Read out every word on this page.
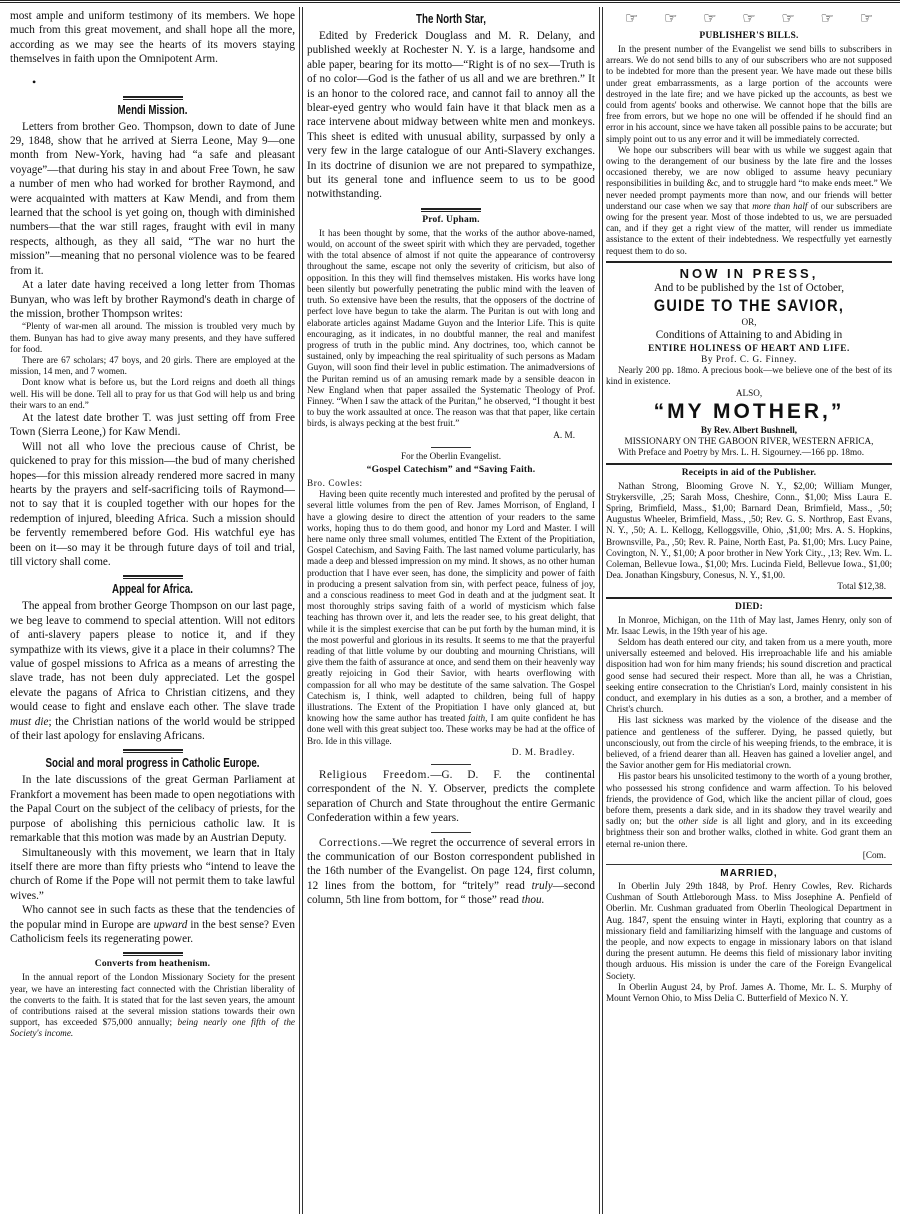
most ample and uniform testimony of its members. We hope much from this great movement, and shall hope all the more, according as we may see the hearts of its movers staying themselves in faith upon the Omnipotent Arm.

•
Mendi Mission.

Letters from brother Geo. Thompson, down to date of June 29, 1848, show that he arrived at Sierra Leone, May 9—one month from New-York, having had “a safe and pleasant voyage”—that during his stay in and about Free Town, he saw a number of men who had worked for brother Raymond, and were acquainted with matters at Kaw Mendi, and from them learned that the school is yet going on, though with diminished numbers—that the war still rages, fraught with evil in many respects, although, as they all said, “The war no hurt the mission”—meaning that no personal violence was to be feared from it.

At a later date having received a long letter from Thomas Bunyan, who was left by brother Raymond's death in charge of the mission, brother Thompson writes:

“Plenty of war-men all around. The mission is troubled very much by them. Bunyan has had to give away many presents, and they have suffered for food.

There are 67 scholars; 47 boys, and 20 girls. There are employed at the mission, 14 men, and 7 women.

Dont know what is before us, but the Lord reigns and doeth all things well. His will be done. Tell all to pray for us that God will help us and bring their wars to an end.”

At the latest date brother T. was just setting off from Free Town (Sierra Leone,) for Kaw Mendi.

Will not all who love the precious cause of Christ, be quickened to pray for this mission—the bud of many cherished hopes—for this mission already rendered more sacred in many hearts by the prayers and self-sacrificing toils of Raymond—not to say that it is coupled together with our hopes for the redemption of injured, bleeding Africa. Such a mission should be fervently remembered before God. His watchful eye has been on it—so may it be through future days of toil and trial, till victory shall come.

Appeal for Africa.

The appeal from brother George Thompson on our last page, we beg leave to commend to special attention. Will not editors of anti-slavery papers please to notice it, and if they sympathize with its views, give it a place in their columns? The value of gospel missions to Africa as a means of arresting the slave trade, has not been duly appreciated. Let the gospel elevate the pagans of Africa to Christian citizens, and they would cease to fight and enslave each other. The slave trade must die; the Christian nations of the world would be stripped of their last apology for enslaving Africans.

Social and moral progress in Catholic Europe.

In the late discussions of the great German Parliament at Frankfort a movement has been made to open negotiations with the Papal Court on the subject of the celibacy of priests, for the purpose of abolishing this pernicious catholic law. It is remarkable that this motion was made by an Austrian Deputy.

Simultaneously with this movement, we learn that in Italy itself there are more than fifty priests who “intend to leave the church of Rome if the Pope will not permit them to take lawful wives.”

Who cannot see in such facts as these that the tendencies of the popular mind in Europe are upward in the best sense? Even Catholicism feels its regenerating power.

Converts from heathenism.

In the annual report of the London Missionary Society for the present year, we have an interesting fact connected with the Christian liberality of the converts to the faith. It is stated that for the last seven years, the amount of contributions raised at the several mission stations towards their own support, has exceeded $75,000 annually; being nearly one fifth of the Society's income.

The North Star,

Edited by Frederick Douglass and M. R. Delany, and published weekly at Rochester N. Y. is a large, handsome and able paper, bearing for its motto—“Right is of no sex—Truth is of no color—God is the father of us all and we are brethren.” It is an honor to the colored race, and cannot fail to annoy all the blear-eyed gentry who would fain have it that black men as a race intervene about midway between white men and monkeys. This sheet is edited with unusual ability, surpassed by only a very few in the large catalogue of our Anti-Slavery exchanges. In its doctrine of disunion we are not prepared to sympathize, but its general tone and influence seem to us to be good notwithstanding.

Prof. Upham.

It has been thought by some, that the works of the author above-named, would, on account of the sweet spirit with which they are pervaded, together with the total absence of almost if not quite the appearance of controversy throughout the same, escape not only the severity of criticism, but also of opposition. In this they will find themselves mistaken. His works have long been silently but powerfully penetrating the public mind with the leaven of truth. So extensive have been the results, that the opposers of the doctrine of perfect love have begun to take the alarm. The Puritan is out with long and elaborate articles against Madame Guyon and the Interior Life. This is quite encouraging, as it indicates, in no doubtful manner, the real and manifest progress of truth in the public mind. Any doctrines, too, which cannot be sustained, only by impeaching the real spirituality of such persons as Madam Guyon, will soon find their level in public estimation. The animadversions of the Puritan remind us of an amusing remark made by a sensible deacon in New England when that paper assailed the Systematic Theology of Prof. Finney. “When I saw the attack of the Puritan,” he observed, “I thought it best to buy the work assaulted at once. The reason was that that paper, like certain birds, is always pecking at the best fruit.”

A. M.

For the Oberlin Evangelist.

“Gospel Catechism” and “Saving Faith.

Bro. Cowles:

Having been quite recently much interested and profited by the perusal of several little volumes from the pen of Rev. James Morrison, of England, I have a glowing desire to direct the attention of your readers to the same works, hoping thus to do them good, and honor my Lord and Master. I will here name only three small volumes, entitled The Extent of the Propitiation, Gospel Catechism, and Saving Faith. The last named volume particularly, has made a deep and blessed impression on my mind. It shows, as no other human production that I have ever seen, has done, the simplicity and power of faith in producing a present salvation from sin, with perfect peace, fulness of joy, and a conscious readiness to meet God in death and at the judgment seat. It most thoroughly strips saving faith of a world of mysticism which false teaching has thrown over it, and lets the reader see, to his great delight, that while it is the simplest exercise that can be put forth by the human mind, it is the most powerful and glorious in its results. It seems to me that the prayerful reading of that little volume by our doubting and mourning Christians, will give them the faith of assurance at once, and send them on their heavenly way greatly rejoicing in God their Savior, with hearts overflowing with compassion for all who may be destitute of the same salvation. The Gospel Catechism is, I think, well adapted to children, being full of happy illustrations. The Extent of the Propitiation I have only glanced at, but knowing how the same author has treated faith, I am quite confident he has done well with this great subject too. These works may be had at the office of Bro. Ide in this village.

D. M. Bradley.

Religious Freedom.—G. D. F. the continental correspondent of the N. Y. Observer, predicts the complete separation of Church and State throughout the entire Germanic Confederation within a few years.

Corrections.—We regret the occurrence of several errors in the communication of our Boston correspondent published in the 16th number of the Evangelist. On page 124, first column, 12 lines from the bottom, for “tritely” read truly—second column, 5th line from bottom, for “ those” read thou.

☞ ☞ ☞ ☞ ☞ ☞ ☞
PUBLISHER'S BILLS.

In the present number of the Evangelist we send bills to subscribers in arrears. We do not send bills to any of our subscribers who are not supposed to be indebted for more than the present year. We have made out these bills under great embarrassments, as a large portion of the accounts were destroyed in the late fire; and we have picked up the accounts, as best we could from agents' books and otherwise. We cannot hope that the bills are free from errors, but we hope no one will be offended if he should find an error in his account, since we have taken all possible pains to be accurate; but simply point out to us any error and it will be immediately corrected.

We hope our subscribers will bear with us while we suggest again that owing to the derangement of our business by the late fire and the losses occasioned thereby, we are now obliged to assume heavy pecuniary responsibilities in building &c, and to struggle hard “to make ends meet.” We never needed prompt payments more than now, and our friends will better understand our case when we say that more than half of our subscribers are owing for the present year. Most of those indebted to us, we are persuaded can, and if they get a right view of the matter, will render us immediate assistance to the extent of their indebtedness. We respectfully yet earnestly request them to do so.

NOW IN PRESS,

And to be published by the 1st of October,

GUIDE TO THE SAVIOR,

OR,

Conditions of Attaining to and Abiding in

ENTIRE HOLINESS OF HEART AND LIFE.

By Prof. C. G. Finney.

Nearly 200 pp. 18mo. A precious book—we believe one of the best of its kind in existence.

ALSO,

“MY MOTHER,”

By Rev. Albert Bushnell,

MISSIONARY ON THE GABOON RIVER, WESTERN AFRICA,

With Preface and Poetry by Mrs. L. H. Sigourney.—166 pp. 18mo.

Receipts in aid of the Publisher.

Nathan Strong, Blooming Grove N. Y., $2,00; William Munger, Strykersville, ,25; Sarah Moss, Cheshire, Conn., $1,00; Miss Laura E. Spring, Brimfield, Mass., $1,00; Barnard Dean, Brimfield, Mass., ,50; Augustus Wheeler, Brimfield, Mass., ,50; Rev. G. S. Northrop, East Evans, N. Y., ,50; A. L. Kellogg, Kelloggsville, Ohio, ,$1,00; Mrs. A. S. Hopkins, Brownsville, Pa., ,50; Rev. R. Paine, North East, Pa. $1,00; Mrs. Lucy Paine, Covington, N. Y., $1,00; A poor brother in New York City., ,13; Rev. Wm. L. Coleman, Bellevue Iowa., $1,00; Mrs. Lucinda Field, Bellevue Iowa., $1,00; Dea. Jonathan Kingsbury, Conesus, N. Y., $1,00.

Total $12,38.

DIED:

In Monroe, Michigan, on the 11th of May last, James Henry, only son of Mr. Isaac Lewis, in the 19th year of his age.

Seldom has death entered our city, and taken from us a mere youth, more universally esteemed and beloved. His irreproachable life and his amiable disposition had won for him many friends; his sound discretion and practical good sense had secured their respect. More than all, he was a Christian, seeking entire consecration to the Christian's Lord, mainly consistent in his conduct, and exemplary in his duties as a son, a brother, and a member of Christ's church.

His last sickness was marked by the violence of the disease and the patience and gentleness of the sufferer. Dying, he passed quietly, but unconsciously, out from the circle of his weeping friends, to the embrace, it is believed, of a friend dearer than all. Heaven has gained a lovelier angel, and the Savior another gem for His mediatorial crown.

His pastor bears his unsolicited testimony to the worth of a young brother, who possessed his strong confidence and warm affection. To his beloved friends, the providence of God, which like the ancient pillar of cloud, goes before them, presents a dark side, and in its shadow they travel wearily and sadly on; but the other side is all light and glory, and in its exceeding brightness their son and brother walks, clothed in white. God grant them an eternal re-union there.

[Com.

MARRIED,

In Oberlin July 29th 1848, by Prof. Henry Cowles, Rev. Richards Cushman of South Attleborough Mass. to Miss Josephine A. Penfield of Oberlin. Mr. Cushman graduated from Oberlin Theological Department in Aug. 1847, spent the ensuing winter in Hayti, exploring that country as a missionary field and familiarizing himself with the language and customs of the people, and now expects to engage in missionary labors on that island during the present autumn. He deems this field of missionary labor inviting though arduous. His mission is under the care of the Foreign Evangelical Society.

In Oberlin August 24, by Prof. James A. Thome, Mr. L. S. Murphy of Mount Vernon Ohio, to Miss Delia C. Butterfield of Mexico N. Y.
